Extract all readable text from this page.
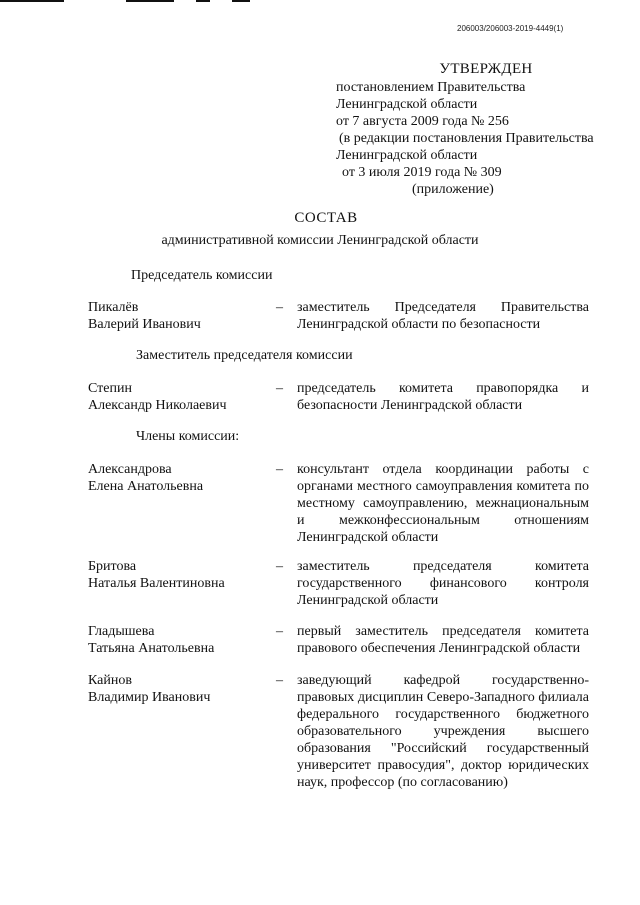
206003/206003-2019-4449(1)
УТВЕРЖДЕН
постановлением Правительства
Ленинградской области
от 7 августа 2009 года № 256
(в редакции постановления Правительства
Ленинградской области
от 3 июля 2019 года № 309
(приложение)
СОСТАВ
административной комиссии Ленинградской области
Председатель комиссии
Пикалёв
Валерий Иванович
– заместитель Председателя Правительства Ленинградской области по безопасности
Заместитель председателя комиссии
Степин
Александр Николаевич
– председатель комитета правопорядка и безопасности Ленинградской области
Члены комиссии:
Александрова
Елена Анатольевна
– консультант отдела координации работы с органами местного самоуправления комитета по местному самоуправлению, межнациональным и межконфессиональным отношениям Ленинградской области
Бритова
Наталья Валентиновна
– заместитель председателя комитета государственного финансового контроля Ленинградской области
Гладышева
Татьяна Анатольевна
– первый заместитель председателя комитета правового обеспечения Ленинградской области
Кайнов
Владимир Иванович
– заведующий кафедрой государственно-правовых дисциплин Северо-Западного филиала федерального государственного бюджетного образовательного учреждения высшего образования "Российский государственный университет правосудия", доктор юридических наук, профессор (по согласованию)
